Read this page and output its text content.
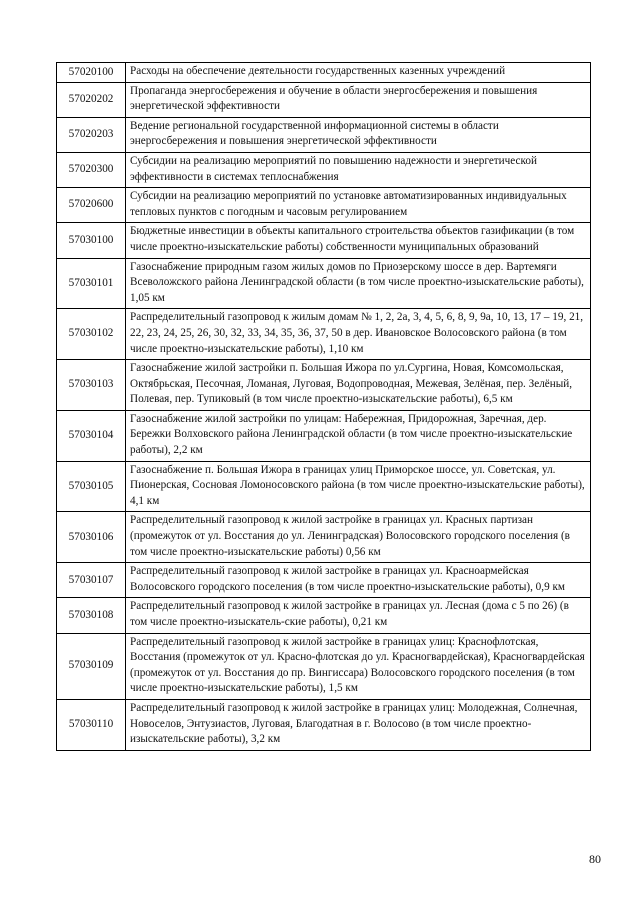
57020100	Расходы на обеспечение деятельности государственных казенных учреждений
57020202	Пропаганда энергосбережения и обучение в области энергосбережения и повышения энергетической эффективности
57020203	Ведение региональной государственной информационной системы в области энергосбережения и повышения энергетической эффективности
57020300	Субсидии на реализацию мероприятий по повышению надежности и энергетической эффективности в системах теплоснабжения
57020600	Субсидии на реализацию мероприятий по установке автоматизированных индивидуальных тепловых пунктов с погодным и часовым регулированием
57030100	Бюджетные инвестиции в объекты капитального строительства объектов газификации (в том числе проектно-изыскательские работы) собственности муниципальных образований
57030101	Газоснабжение природным газом жилых домов по Приозерскому шоссе в дер. Вартемяги Всеволожского района Ленинградской области (в том числе проектно-изыскательские работы), 1,05 км
57030102	Распределительный газопровод к жилым домам № 1, 2, 2а, 3, 4, 5, 6, 8, 9, 9а, 10, 13, 17 – 19, 21, 22, 23, 24, 25, 26, 30, 32, 33, 34, 35, 36, 37, 50 в дер. Ивановское Волосовского района (в том числе проектно-изыскательские работы), 1,10 км
57030103	Газоснабжение жилой застройки п. Большая Ижора по ул.Сургина, Новая, Комсомольская, Октябрьская, Песочная, Ломаная, Луговая, Водопроводная, Межевая, Зелёная, пер. Зелёный, Полевая, пер. Тупиковый (в том числе проектно-изыскательские работы), 6,5 км
57030104	Газоснабжение жилой застройки по улицам: Набережная, Придорожная, Заречная, дер. Бережки Волховского района Ленинградской области (в том числе проектно-изыскательские работы), 2,2 км
57030105	Газоснабжение п. Большая Ижора в границах улиц Приморское шоссе, ул. Советская, ул. Пионерская, Сосновая Ломоносовского района (в том числе проектно-изыскательские работы), 4,1 км
57030106	Распределительный газопровод к жилой застройке в границах ул. Красных партизан (промежуток от ул. Восстания до ул. Ленинградская) Волосовского городского поселения (в том числе проектно-изыскательские работы) 0,56 км
57030107	Распределительный газопровод к жилой застройке в границах ул. Красноармейская Волосовского городского поселения (в том числе проектно-изыскательские работы), 0,9 км
57030108	Распределительный газопровод к жилой застройке в границах ул. Лесная (дома с 5 по 26) (в том числе проектно-изыскатель-ские работы), 0,21 км
57030109	Распределительный газопровод к жилой застройке в границах улиц: Краснофлотская, Восстания (промежуток от ул. Красно-флотская до ул. Красногвардейская), Красногвардейская (промежуток от ул. Восстания до пр. Вингиссара) Волосовского городского поселения (в том числе проектно-изыскательские работы), 1,5 км
57030110	Распределительный газопровод к жилой застройке в границах улиц: Молодежная, Солнечная, Новоселов, Энтузиастов, Луговая, Благодатная в г. Волосово (в том числе проектно-изыскательские работы), 3,2 км
80
